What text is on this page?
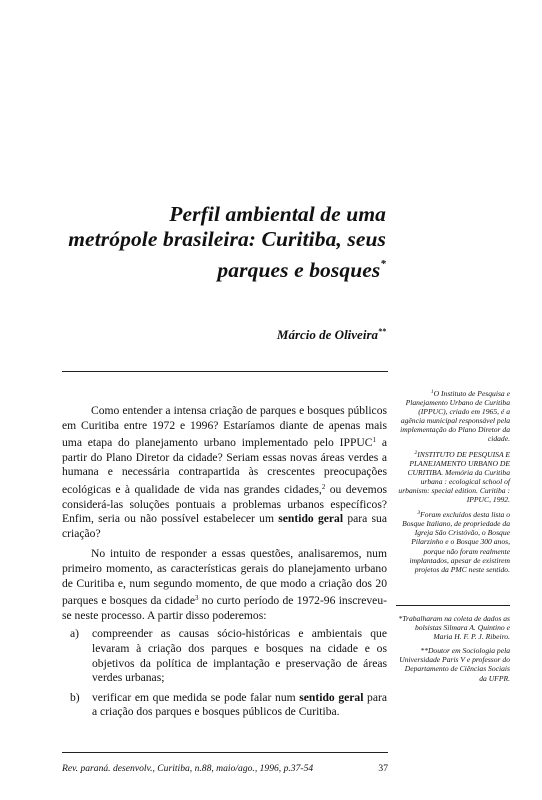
Perfil ambiental de uma
metrópole brasileira: Curitiba, seus
parques e bosques*
Márcio de Oliveira**

Como entender a intensa criação de parques e bosques públicos em Curitiba entre 1972 e 1996? Estaríamos diante de apenas mais uma etapa do planejamento urbano implementado pelo IPPUC$^1$ a partir do Plano Diretor da cidade? Seriam essas novas áreas verdes a humana e necessária contrapartida às crescentes preocupações ecológicas e à qualidade de vida nas grandes cidades,$^2$ ou devemos considerá-las soluções pontuais a problemas urbanos específicos? Enfim, seria ou não possível estabelecer um sentido geral para sua criação?

No intuito de responder a essas questões, analisaremos, num primeiro momento, as características gerais do planejamento urbano de Curitiba e, num segundo momento, de que modo a criação dos 20 parques e bosques da cidade$^3$ no curto período de 1972-96 inscreveu-se neste processo. A partir disso poderemos:

a) compreender as causas sócio-históricas e ambientais que levaram à criação dos parques e bosques na cidade e os objetivos da política de implantação e preservação de áreas verdes urbanas;
b) verificar em que medida se pode falar num sentido geral para a criação dos parques e bosques públicos de Curitiba.
$^1$O Instituto de Pesquisa e Planejamento Urbano de Curitiba (IPPUC), criado em 1965, é a agência municipal responsável pela implementação do Plano Diretor da cidade.
$^2$INSTITUTO DE PESQUISA E PLANEJAMENTO URBANO DE CURITIBA. Memória da Curitiba urbana : ecological school of urbanism: special edition. Curitiba : IPPUC, 1992.
$^3$Foram excluídos desta lista o Bosque Italiano, de propriedade da Igreja São Cristóvão, o Bosque Pilarzinho e o Bosque 300 anos, porque não foram realmente implantados, apesar de existirem projetos da PMC neste sentido.
*Trabalharam na coleta de dados as bolsistas Silmara A. Quintino e Maria H. F. P. J. Ribeiro.
**Doutor em Sociologia pela Universidade Paris V e professor do Departamento de Ciências Sociais da UFPR.
Rev. paraná. desenvolv., Curitiba, n.88, maio/ago., 1996, p.37-54	37
